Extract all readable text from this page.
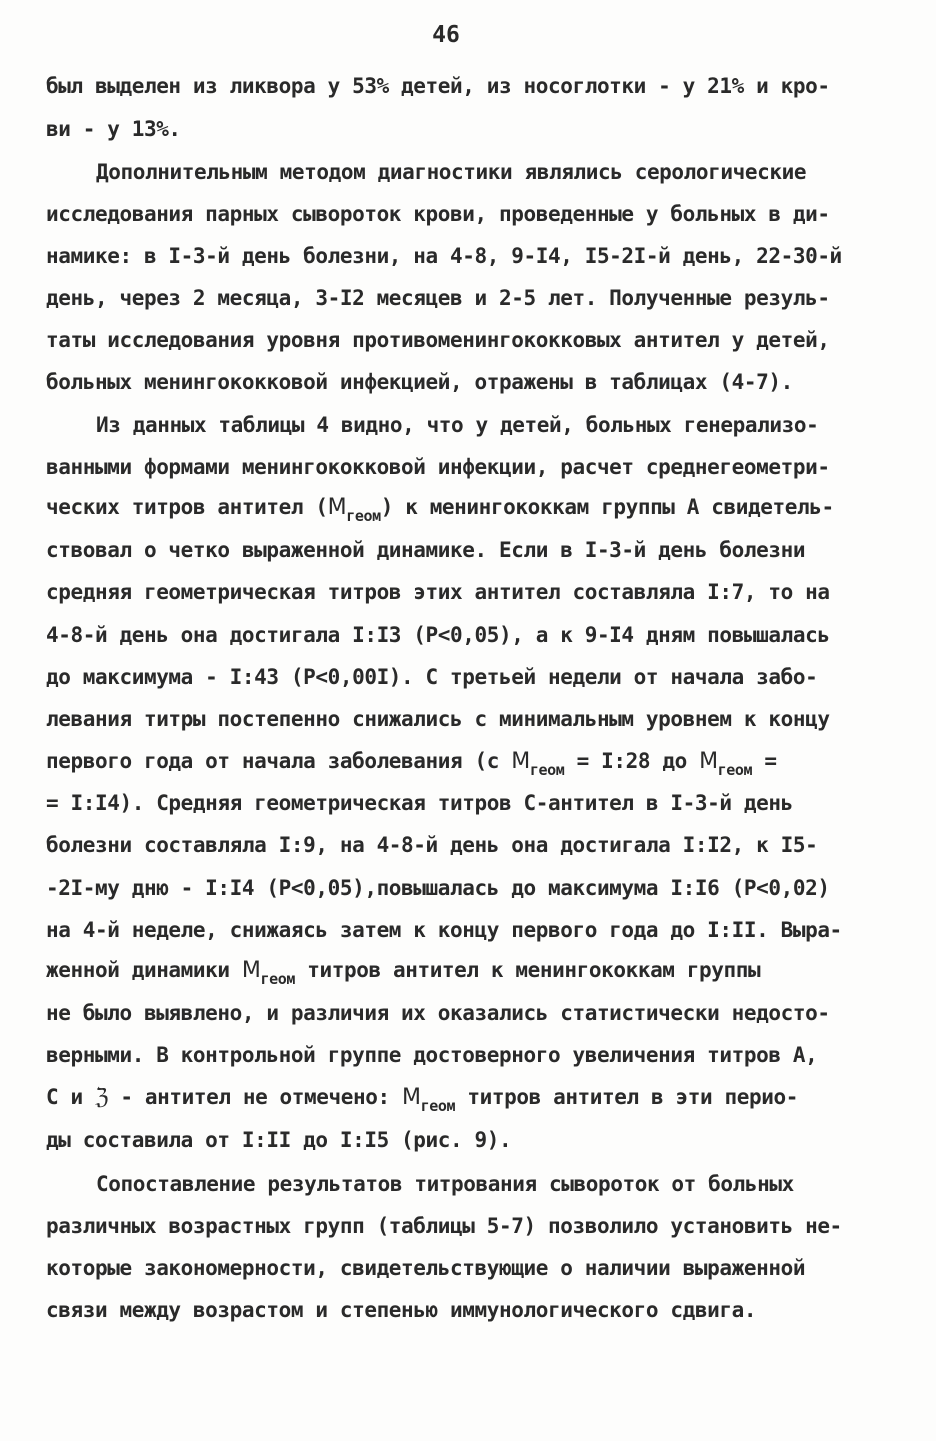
46
был выделен из ликвора у 53% детей, из носоглотки - у 21% и кро-
ви - у 13%.
Дополнительным методом диагностики являлись серологические
исследования парных сывороток крови, проведенные у больных в ди-
намике: в I-3-й день болезни, на 4-8, 9-I4, I5-2I-й день, 22-30-й
день, через 2 месяца, 3-I2 месяцев и 2-5 лет. Полученные резуль-
таты исследования уровня противоменингококковых антител у детей,
больных менингококковой инфекцией, отражены в таблицах (4-7).
Из данных таблицы 4 видно, что у детей, больных генерализо-
ванными формами менингококковой инфекции, расчет среднегеометри-
ческих титров антител $(M_{геом})$ к менингококкам группы А свидетель-
ствовал о четко выраженной динамике. Если в I-3-й день болезни
средняя геометрическая титров этих антител составляла I:7, то на
4-8-й день она достигала I:I3 (Р<0,05), а к 9-I4 дням повышалась
до максимума - I:43 (Р<0,00I). С третьей недели от начала забо-
левания титры постепенно снижались с минимальным уровнем к концу
первого года от начала заболевания (с $M_{геом}$ = I:28 до $M_{геом}$ =
= I:I4). Средняя геометрическая титров С-антител в I-3-й день
болезни составляла I:9, на 4-8-й день она достигала I:I2, к I5-
-2I-му дню - I:I4 (Р<0,05),повышалась до максимума I:I6 (Р<0,02)
на 4-й неделе, снижаясь затем к концу первого года до I:II. Выра-
женной динамики $M_{геом}$ титров антител к менингококкам группы
не было выявлено, и различия их оказались статистически недосто-
верными. В контрольной группе достоверного увеличения титров А,
С и ℨ - антител не отмечено: $M_{геом}$ титров антител в эти перио-
ды составила от I:II до I:I5 (рис. 9).
Сопоставление результатов титрования сывороток от больных
различных возрастных групп (таблицы 5-7) позволило установить не-
которые закономерности, свидетельствующие о наличии выраженной
связи между возрастом и степенью иммунологического сдвига.
